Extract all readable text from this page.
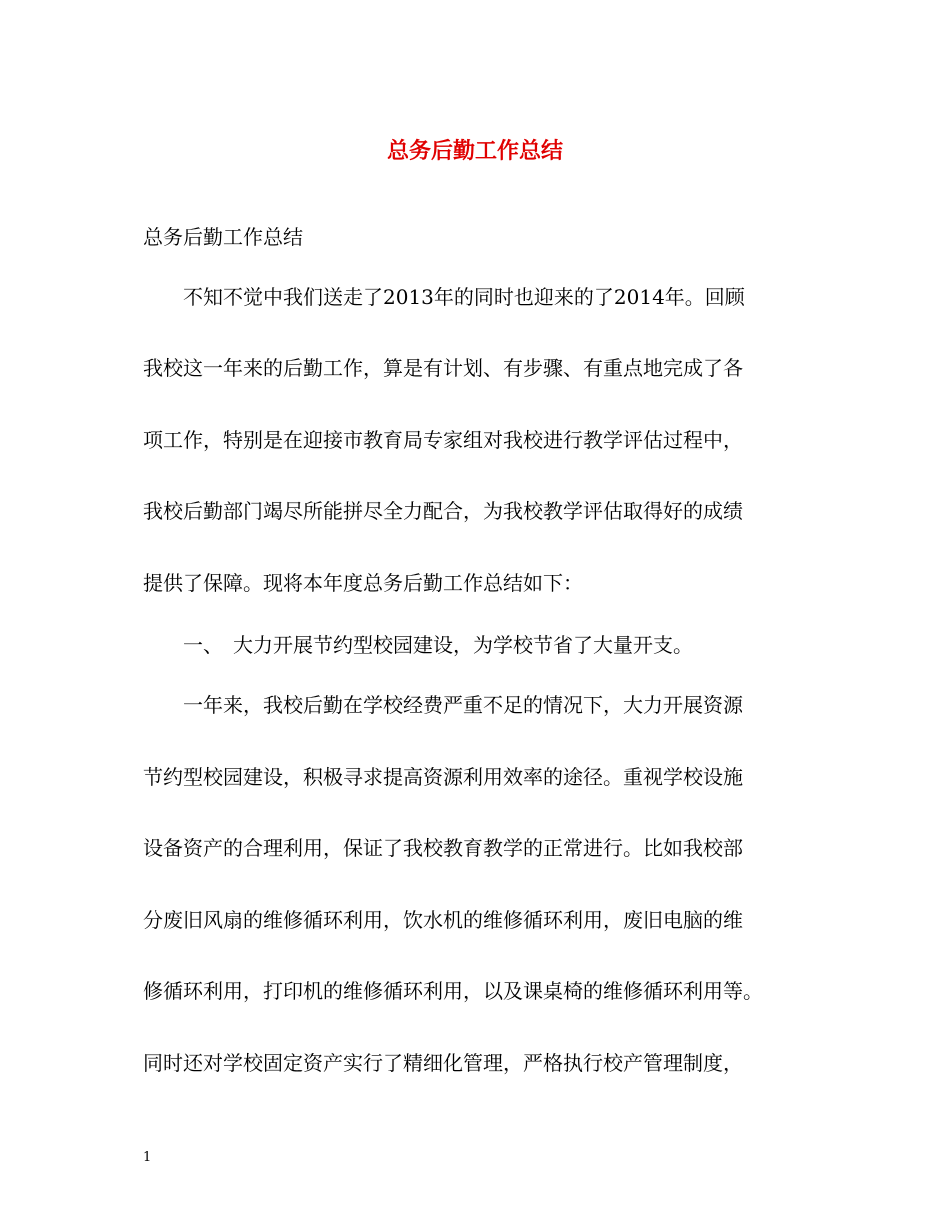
总务后勤工作总结
总务后勤工作总结
　　不知不觉中我们送走了2013年的同时也迎来的了2014年。回顾
我校这一年来的后勤工作，算是有计划、有步骤、有重点地完成了各
项工作，特别是在迎接市教育局专家组对我校进行教学评估过程中，
我校后勤部门竭尽所能拼尽全力配合，为我校教学评估取得好的成绩
提供了保障。现将本年度总务后勤工作总结如下：
　　一、　大力开展节约型校园建设，为学校节省了大量开支。
　　一年来，我校后勤在学校经费严重不足的情况下，大力开展资源
节约型校园建设，积极寻求提高资源利用效率的途径。重视学校设施
设备资产的合理利用，保证了我校教育教学的正常进行。比如我校部
分废旧风扇的维修循环利用，饮水机的维修循环利用，废旧电脑的维
修循环利用，打印机的维修循环利用，以及课桌椅的维修循环利用等。
同时还对学校固定资产实行了精细化管理，严格执行校产管理制度，
1
